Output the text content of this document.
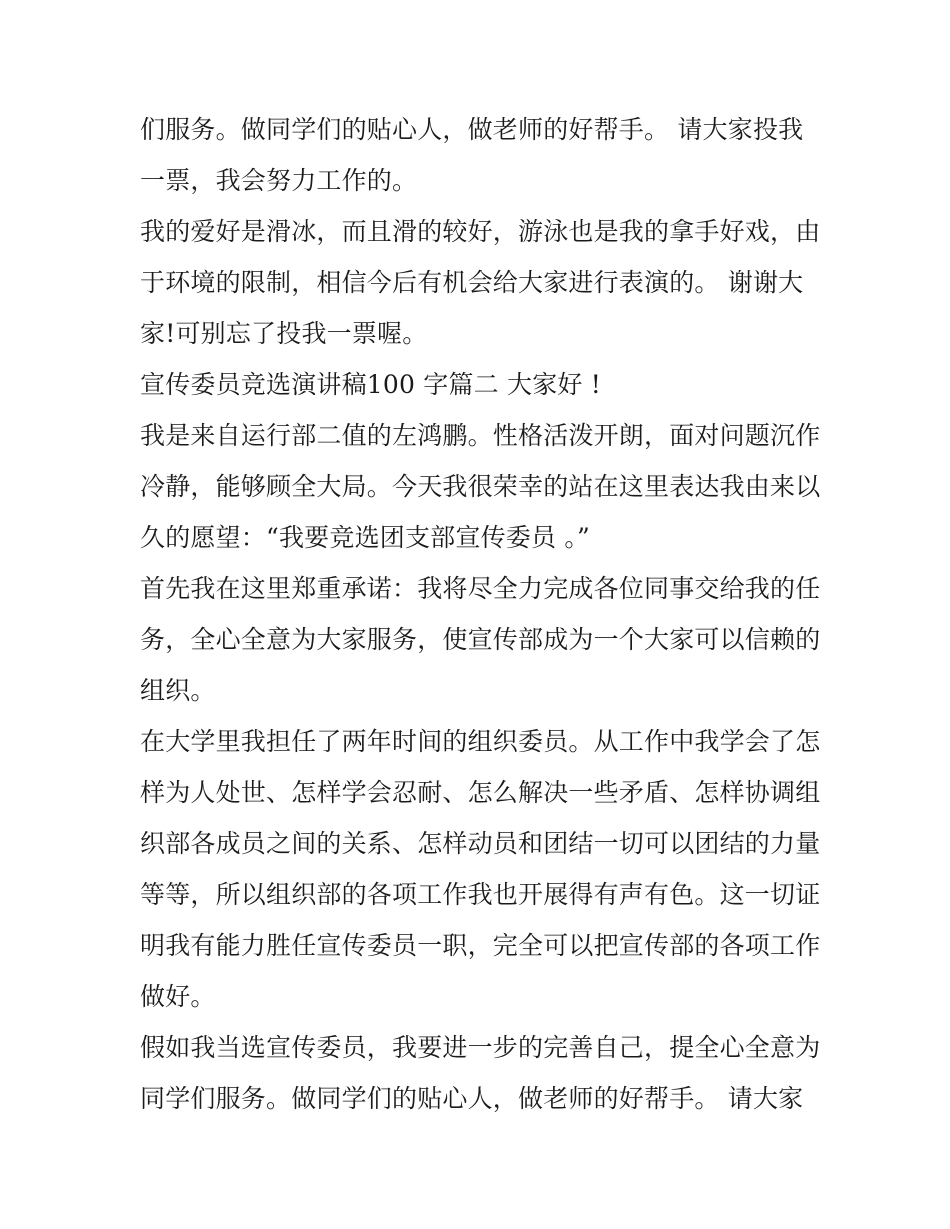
们服务。做同学们的贴心人，做老师的好帮手。 请大家投我
一票，我会努力工作的。
我的爱好是滑冰，而且滑的较好，游泳也是我的拿手好戏，由
于环境的限制，相信今后有机会给大家进行表演的。 谢谢大
家!可别忘了投我一票喔。
宣传委员竞选演讲稿100 字篇二 大家好 !
我是来自运行部二值的左鸿鹏。性格活泼开朗，面对问题沉作
冷静，能够顾全大局。今天我很荣幸的站在这里表达我由来以
久的愿望：“我要竞选团支部宣传委员 。”
首先我在这里郑重承诺：我将尽全力完成各位同事交给我的任
务，全心全意为大家服务，使宣传部成为一个大家可以信赖的
组织。
在大学里我担任了两年时间的组织委员。从工作中我学会了怎
样为人处世、怎样学会忍耐、怎么解决一些矛盾、怎样协调组
织部各成员之间的关系、怎样动员和团结一切可以团结的力量
等等，所以组织部的各项工作我也开展得有声有色。这一切证
明我有能力胜任宣传委员一职，完全可以把宣传部的各项工作
做好。
假如我当选宣传委员，我要进一步的完善自己，提全心全意为
同学们服务。做同学们的贴心人，做老师的好帮手。 请大家
